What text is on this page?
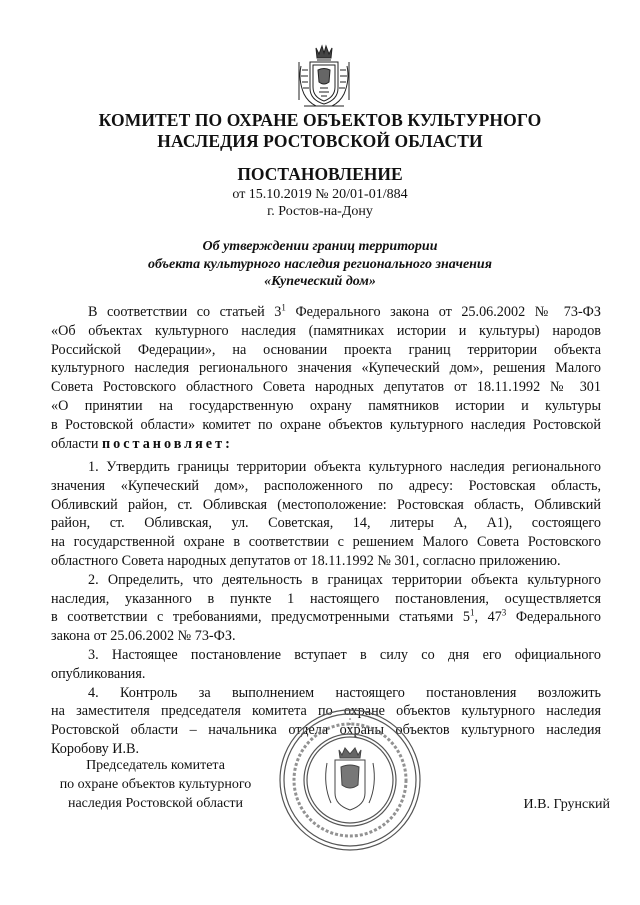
КОМИТЕТ ПО ОХРАНЕ ОБЪЕКТОВ КУЛЬТУРНОГО
НАСЛЕДИЯ РОСТОВСКОЙ ОБЛАСТИ
ПОСТАНОВЛЕНИЕ
от 15.10.2019 № 20/01-01/884
г. Ростов-на-Дону
Об утверждении границ территории
объекта культурного наследия регионального значения
«Купеческий дом»
В соответствии со статьей $3^1$ Федерального закона от 25.06.2002 № 73-ФЗ
«Об объектах культурного наследия (памятниках истории и культуры) народов
Российской Федерации», на основании проекта границ территории объекта
культурного наследия регионального значения «Купеческий дом», решения Малого
Совета Ростовского областного Совета народных депутатов от 18.11.1992 № 301
«О принятии на государственную охрану памятников истории и культуры
в Ростовской области» комитет по охране объектов культурного наследия Ростовской
области постановляет:
1. Утвердить границы территории объекта культурного наследия регионального
значения «Купеческий дом», расположенного по адресу: Ростовская область,
Обливский район, ст. Обливская (местоположение: Ростовская область, Обливский
район, ст. Обливская, ул. Советская, 14, литеры А, А1), состоящего
на государственной охране в соответствии с решением Малого Совета Ростовского
областного Совета народных депутатов от 18.11.1992 № 301, согласно приложению.
2. Определить, что деятельность в границах территории объекта культурного
наследия, указанного в пункте 1 настоящего постановления, осуществляется
в соответствии с требованиями, предусмотренными статьями $5^1$, $47^3$ Федерального
закона от 25.06.2002 № 73-ФЗ.
3. Настоящее постановление вступает в силу со дня его официального
опубликования.
4. Контроль за выполнением настоящего постановления возложить
на заместителя председателя комитета по охране объектов культурного наследия
Ростовской области – начальника отдела охраны объектов культурного наследия
Коробову И.В.
Председатель комитета
по охране объектов культурного
наследия Ростовской области	И.В. Грунский
